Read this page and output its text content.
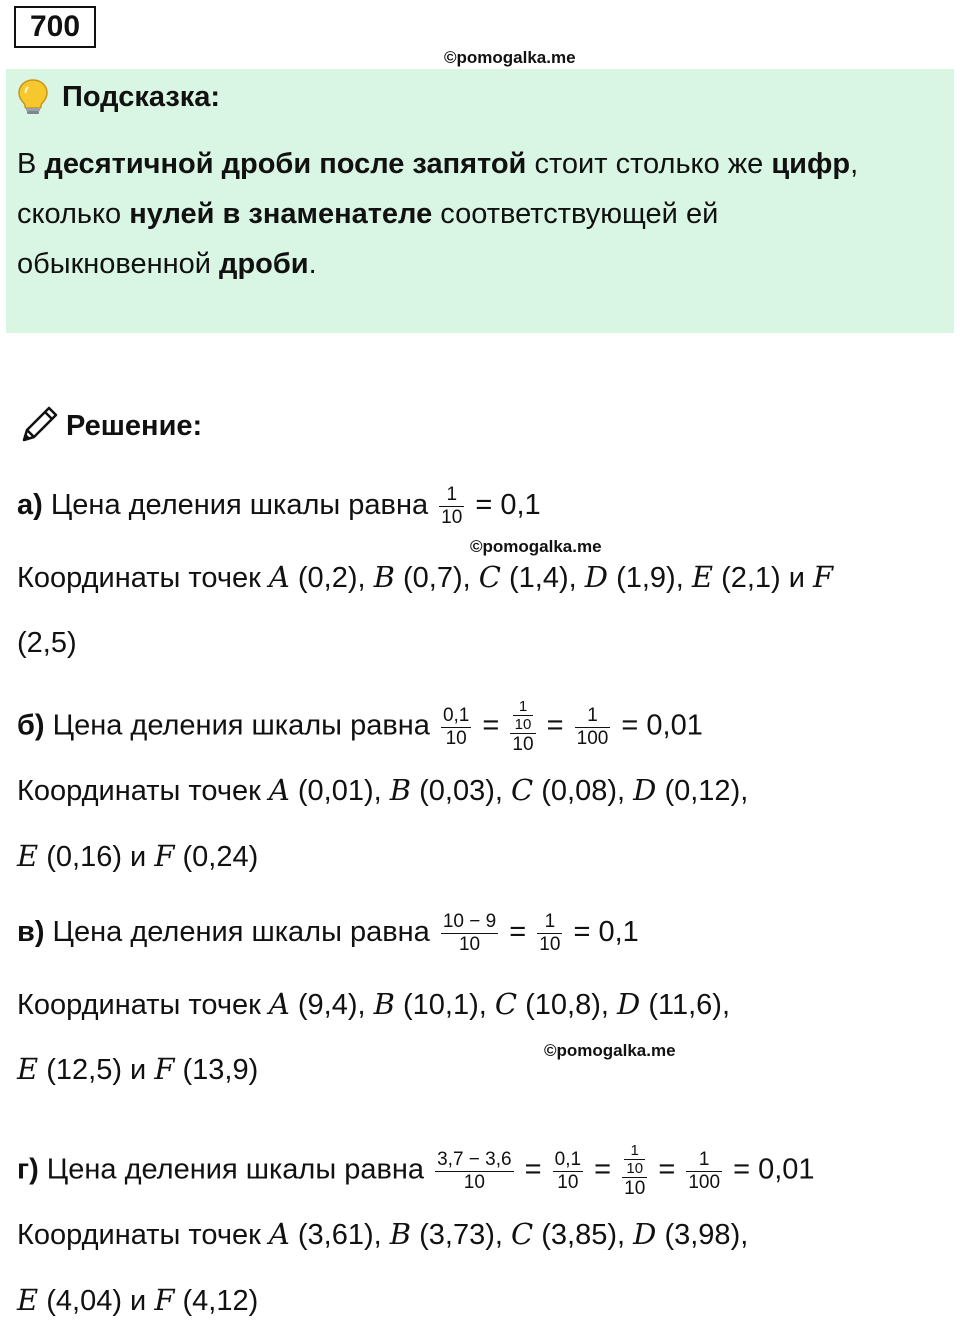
700
©pomogalka.me
Подсказка:
В десятичной дроби после запятой стоит столько же цифр,
сколько нулей в знаменателе соответствующей ей
обыкновенной дроби.
Решение:
а) Цена деления шкалы равна $\frac{1}{10} = 0,1$
©pomogalka.me
Координаты точек A (0,2), B (0,7), C (1,4), D (1,9), E (2,1) и F
(2,5)
б) Цена деления шкалы равна $\frac{0,1}{10} = \frac{\frac{1}{10}}{10} = \frac{1}{100} = 0,01$
Координаты точек A (0,01), B (0,03), C (0,08), D (0,12),
E (0,16) и F (0,24)
в) Цена деления шкалы равна $\frac{10 - 9}{10} = \frac{1}{10} = 0,1$
Координаты точек A (9,4), B (10,1), C (10,8), D (11,6),
©pomogalka.me
E (12,5) и F (13,9)
г) Цена деления шкалы равна $\frac{3,7 - 3,6}{10} = \frac{0,1}{10} = \frac{\frac{1}{10}}{10} = \frac{1}{100} = 0,01$
Координаты точек A (3,61), B (3,73), C (3,85), D (3,98),
E (4,04) и F (4,12)
